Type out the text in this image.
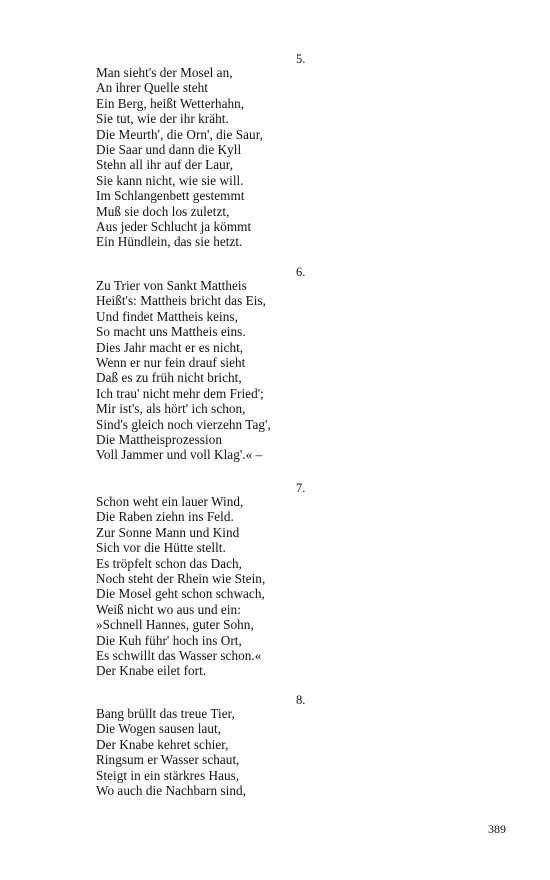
5.
Man sieht's der Mosel an,
An ihrer Quelle steht
Ein Berg, heißt Wetterhahn,
Sie tut, wie der ihr kräht.
Die Meurth', die Orn', die Saur,
Die Saar und dann die Kyll
Stehn all ihr auf der Laur,
Sie kann nicht, wie sie will.
Im Schlangenbett gestemmt
Muß sie doch los zuletzt,
Aus jeder Schlucht ja kömmt
Ein Hündlein, das sie hetzt.
6.
Zu Trier von Sankt Mattheis
Heißt's: Mattheis bricht das Eis,
Und findet Mattheis keins,
So macht uns Mattheis eins.
Dies Jahr macht er es nicht,
Wenn er nur fein drauf sieht
Daß es zu früh nicht bricht,
Ich trau' nicht mehr dem Fried';
Mir ist's, als hört' ich schon,
Sind's gleich noch vierzehn Tag',
Die Mattheisprozession
Voll Jammer und voll Klag'.« –
7.
Schon weht ein lauer Wind,
Die Raben ziehn ins Feld.
Zur Sonne Mann und Kind
Sich vor die Hütte stellt.
Es tröpfelt schon das Dach,
Noch steht der Rhein wie Stein,
Die Mosel geht schon schwach,
Weiß nicht wo aus und ein:
»Schnell Hannes, guter Sohn,
Die Kuh führ' hoch ins Ort,
Es schwillt das Wasser schon.«
Der Knabe eilet fort.
8.
Bang brüllt das treue Tier,
Die Wogen sausen laut,
Der Knabe kehret schier,
Ringsum er Wasser schaut,
Steigt in ein stärkres Haus,
Wo auch die Nachbarn sind,
389
